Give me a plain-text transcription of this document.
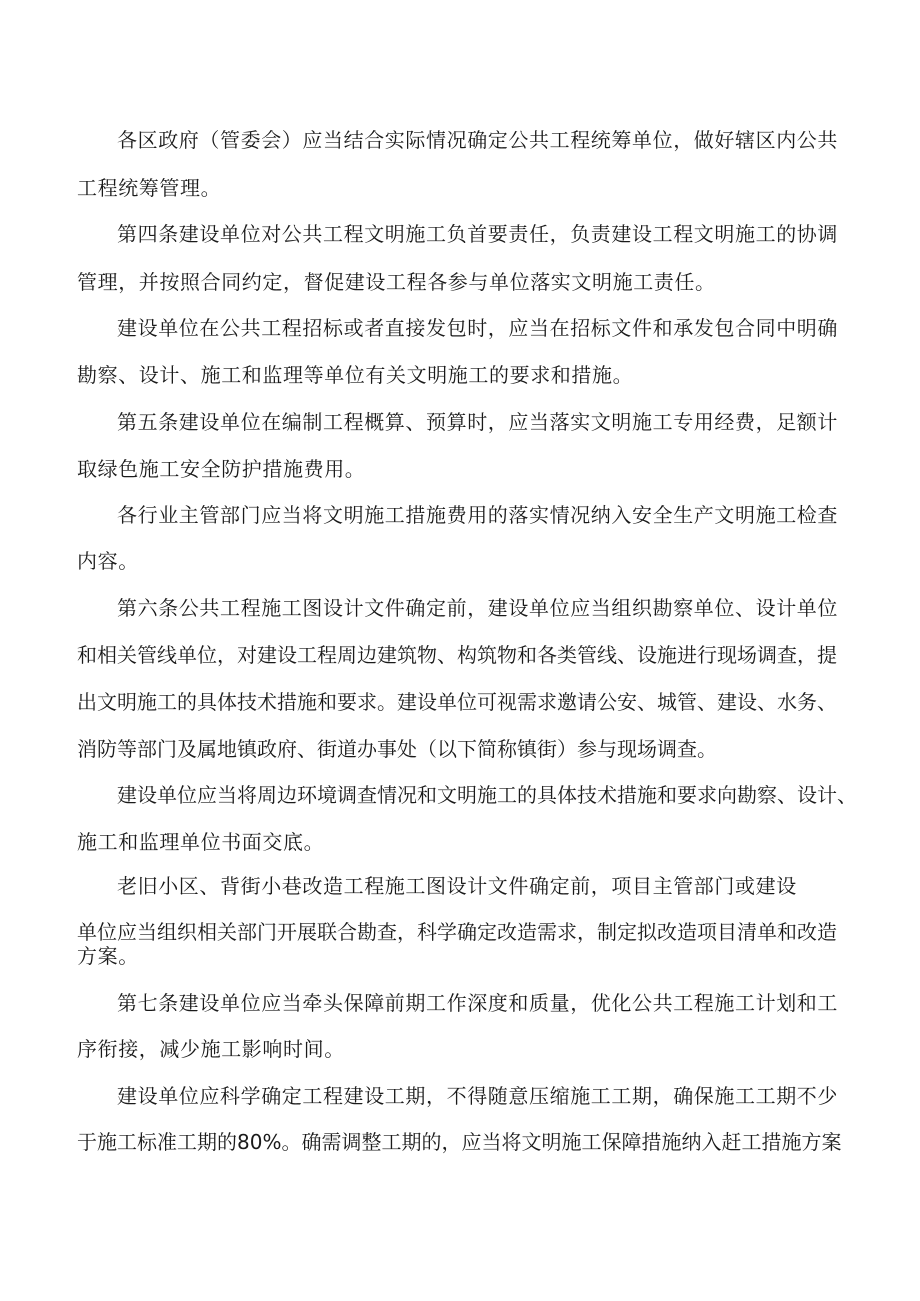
各区政府（管委会）应当结合实际情况确定公共工程统筹单位，做好辖区内公共
工程统筹管理。
第四条建设单位对公共工程文明施工负首要责任，负责建设工程文明施工的协调
管理，并按照合同约定，督促建设工程各参与单位落实文明施工责任。
建设单位在公共工程招标或者直接发包时，应当在招标文件和承发包合同中明确
勘察、设计、施工和监理等单位有关文明施工的要求和措施。
第五条建设单位在编制工程概算、预算时，应当落实文明施工专用经费，足额计
取绿色施工安全防护措施费用。
各行业主管部门应当将文明施工措施费用的落实情况纳入安全生产文明施工检查
内容。
第六条公共工程施工图设计文件确定前，建设单位应当组织勘察单位、设计单位
和相关管线单位，对建设工程周边建筑物、构筑物和各类管线、设施进行现场调查，提
出文明施工的具体技术措施和要求。建设单位可视需求邀请公安、城管、建设、水务、
消防等部门及属地镇政府、街道办事处（以下简称镇街）参与现场调查。
建设单位应当将周边环境调查情况和文明施工的具体技术措施和要求向勘察、设计、
施工和监理单位书面交底。
老旧小区、背街小巷改造工程施工图设计文件确定前，项目主管部门或建设
单位应当组织相关部门开展联合勘查，科学确定改造需求，制定拟改造项目清单和改造
方案。
第七条建设单位应当牵头保障前期工作深度和质量，优化公共工程施工计划和工
序衔接，减少施工影响时间。
建设单位应科学确定工程建设工期，不得随意压缩施工工期，确保施工工期不少
于施工标准工期的80%。确需调整工期的，应当将文明施工保障措施纳入赶工措施方案
